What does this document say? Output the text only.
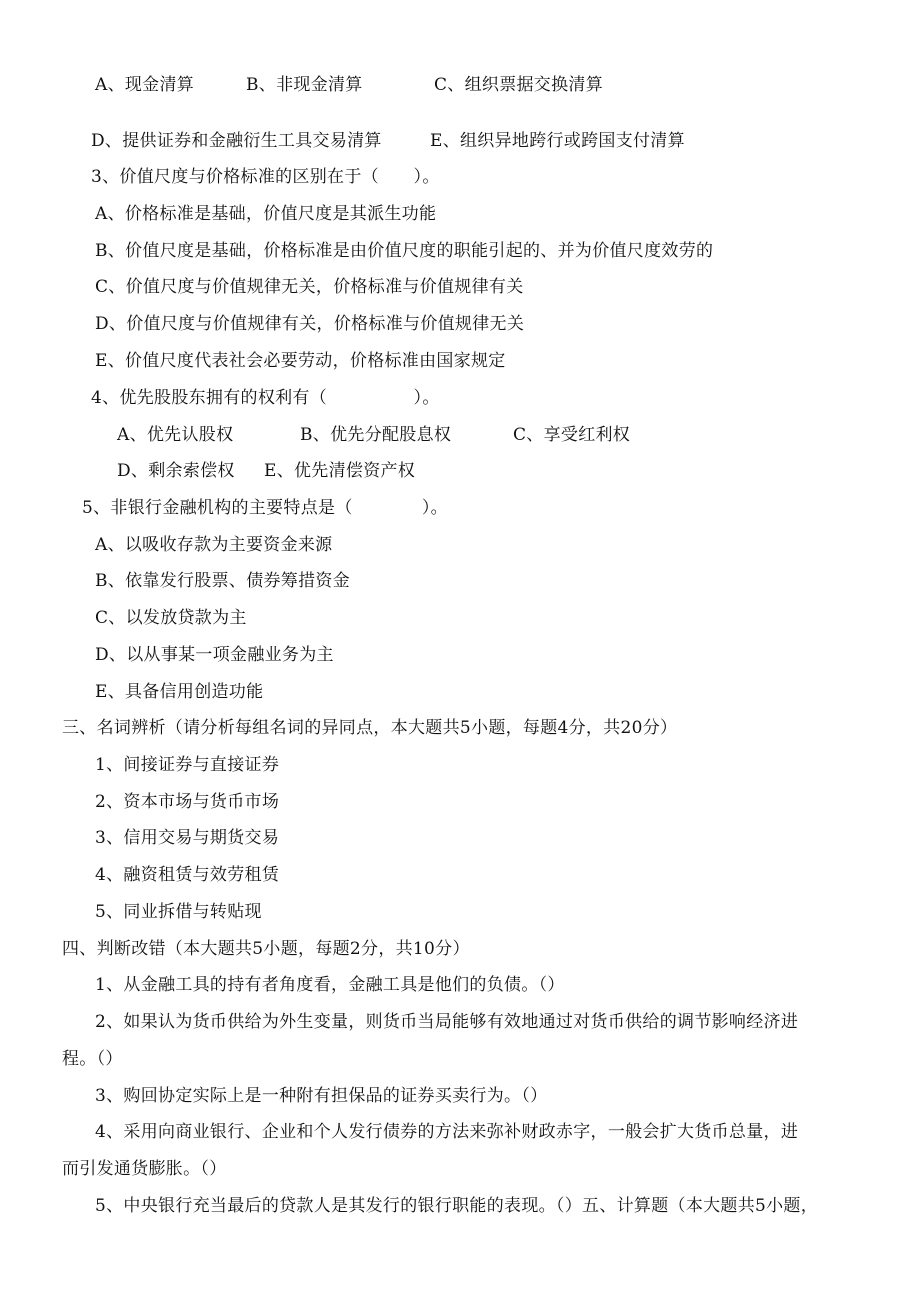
A、现金清算	B、非现金清算	C、组织票据交换清算
D、提供证券和金融衍生工具交易清算	E、组织异地跨行或跨国支付清算
3、价值尺度与价格标准的区别在于（　　）。
A、价格标准是基础，价值尺度是其派生功能
B、价值尺度是基础，价格标准是由价值尺度的职能引起的、并为价值尺度效劳的
C、价值尺度与价值规律无关，价格标准与价值规律有关
D、价值尺度与价值规律有关，价格标准与价值规律无关
E、价值尺度代表社会必要劳动，价格标准由国家规定
4、优先股股东拥有的权利有（　　　　　）。
A、优先认股权	B、优先分配股息权	C、享受红利权
D、剩余索偿权 E、优先清偿资产权
5、非银行金融机构的主要特点是（　　　　）。
A、以吸收存款为主要资金来源
B、依靠发行股票、债券筹措资金
C、以发放贷款为主
D、以从事某一项金融业务为主
E、具备信用创造功能
三、名词辨析（请分析每组名词的异同点，本大题共5小题，每题4分，共20分）
1、间接证券与直接证券
2、资本市场与货币市场
3、信用交易与期货交易
4、融资租赁与效劳租赁
5、同业拆借与转贴现
四、判断改错（本大题共5小题，每题2分，共10分）
1、从金融工具的持有者角度看，金融工具是他们的负债。（）
2、如果认为货币供给为外生变量，则货币当局能够有效地通过对货币供给的调节影响经济进
程。（）
3、购回协定实际上是一种附有担保品的证券买卖行为。（）
4、采用向商业银行、企业和个人发行债券的方法来弥补财政赤字，一般会扩大货币总量，进
而引发通货膨胀。（）
5、中央银行充当最后的贷款人是其发行的银行职能的表现。（）五、计算题（本大题共5小题，
